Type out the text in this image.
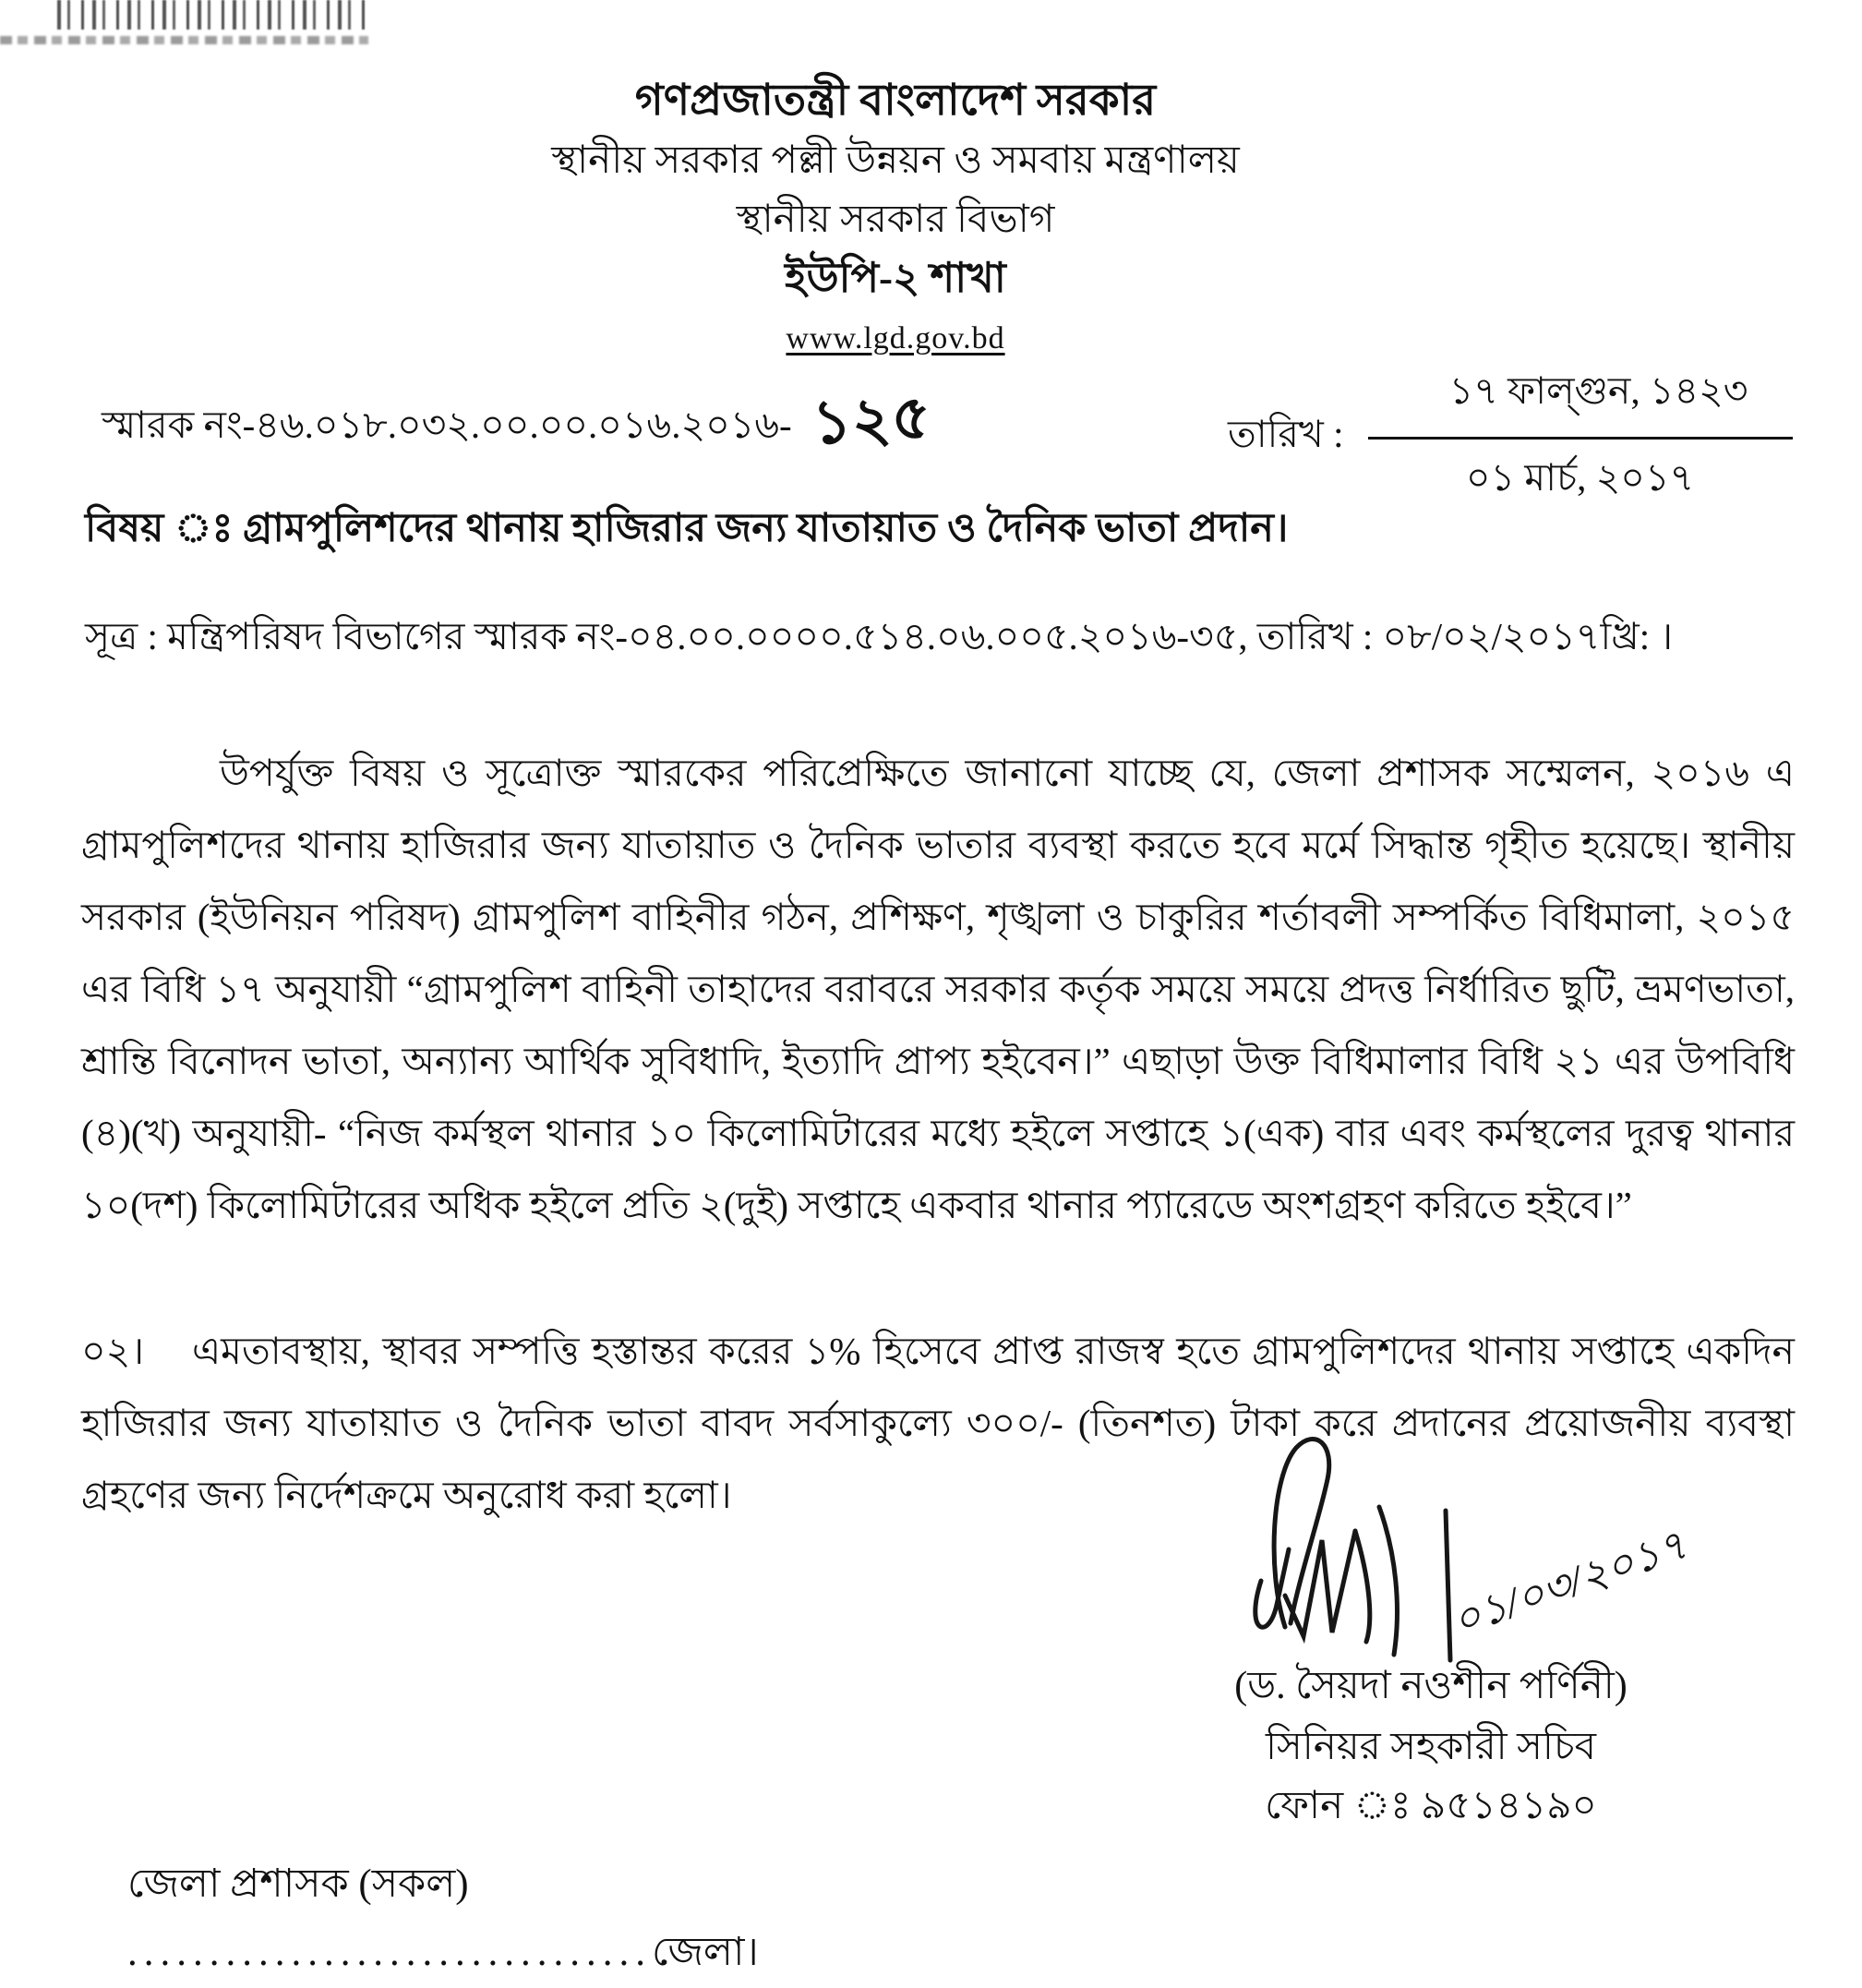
গণপ্রজাতন্ত্রী বাংলাদেশ সরকার
স্থানীয় সরকার পল্লী উন্নয়ন ও সমবায় মন্ত্রণালয়
স্থানীয় সরকার বিভাগ
ইউপি-২ শাখা
www.lgd.gov.bd
স্মারক নং-৪৬.০১৮.০৩২.০০.০০.০১৬.২০১৬- ১২৫	তারিখ : $\frac{\text{১৭ ফাল্গুন, ১৪২৩}}{\text{০১ মার্চ, ২০১৭}}$
বিষয় ঃ গ্রামপুলিশদের থানায় হাজিরার জন্য যাতায়াত ও দৈনিক ভাতা প্রদান।
সূত্র : মন্ত্রিপরিষদ বিভাগের স্মারক নং-০৪.০০.০০০০.৫১৪.০৬.০০৫.২০১৬-৩৫, তারিখ : ০৮/০২/২০১৭খ্রি: ।
উপর্যুক্ত বিষয় ও সূত্রোক্ত স্মারকের পরিপ্রেক্ষিতে জানানো যাচ্ছে যে, জেলা প্রশাসক সম্মেলন, ২০১৬ এ গ্রামপুলিশদের থানায় হাজিরার জন্য যাতায়াত ও দৈনিক ভাতার ব্যবস্থা করতে হবে মর্মে সিদ্ধান্ত গৃহীত হয়েছে। স্থানীয় সরকার (ইউনিয়ন পরিষদ) গ্রামপুলিশ বাহিনীর গঠন, প্রশিক্ষণ, শৃঙ্খলা ও চাকুরির শর্তাবলী সম্পর্কিত বিধিমালা, ২০১৫ এর বিধি ১৭ অনুযায়ী “গ্রামপুলিশ বাহিনী তাহাদের বরাবরে সরকার কর্তৃক সময়ে সময়ে প্রদত্ত নির্ধারিত ছুটি, ভ্রমণভাতা, শ্রান্তি বিনোদন ভাতা, অন্যান্য আর্থিক সুবিধাদি, ইত্যাদি প্রাপ্য হইবেন।” এছাড়া উক্ত বিধিমালার বিধি ২১ এর উপবিধি (৪)(খ) অনুযায়ী- “নিজ কর্মস্থল থানার ১০ কিলোমিটারের মধ্যে হইলে সপ্তাহে ১(এক) বার এবং কর্মস্থলের দুরত্ব থানার ১০(দশ) কিলোমিটারের অধিক হইলে প্রতি ২(দুই) সপ্তাহে একবার থানার প্যারেডে অংশগ্রহণ করিতে হইবে।”
০২। এমতাবস্থায়, স্থাবর সম্পত্তি হস্তান্তর করের ১% হিসেবে প্রাপ্ত রাজস্ব হতে গ্রামপুলিশদের থানায় সপ্তাহে একদিন হাজিরার জন্য যাতায়াত ও দৈনিক ভাতা বাবদ সর্বসাকুল্যে ৩০০/- (তিনশত) টাকা করে প্রদানের প্রয়োজনীয় ব্যবস্থা গ্রহণের জন্য নির্দেশক্রমে অনুরোধ করা হলো।
০১/০৩/২০১৭
(ড. সৈয়দা নওশীন পর্ণিনী)
সিনিয়র সহকারী সচিব
ফোন ঃ ৯৫১৪১৯০
জেলা প্রশাসক (সকল)
................................জেলা।
